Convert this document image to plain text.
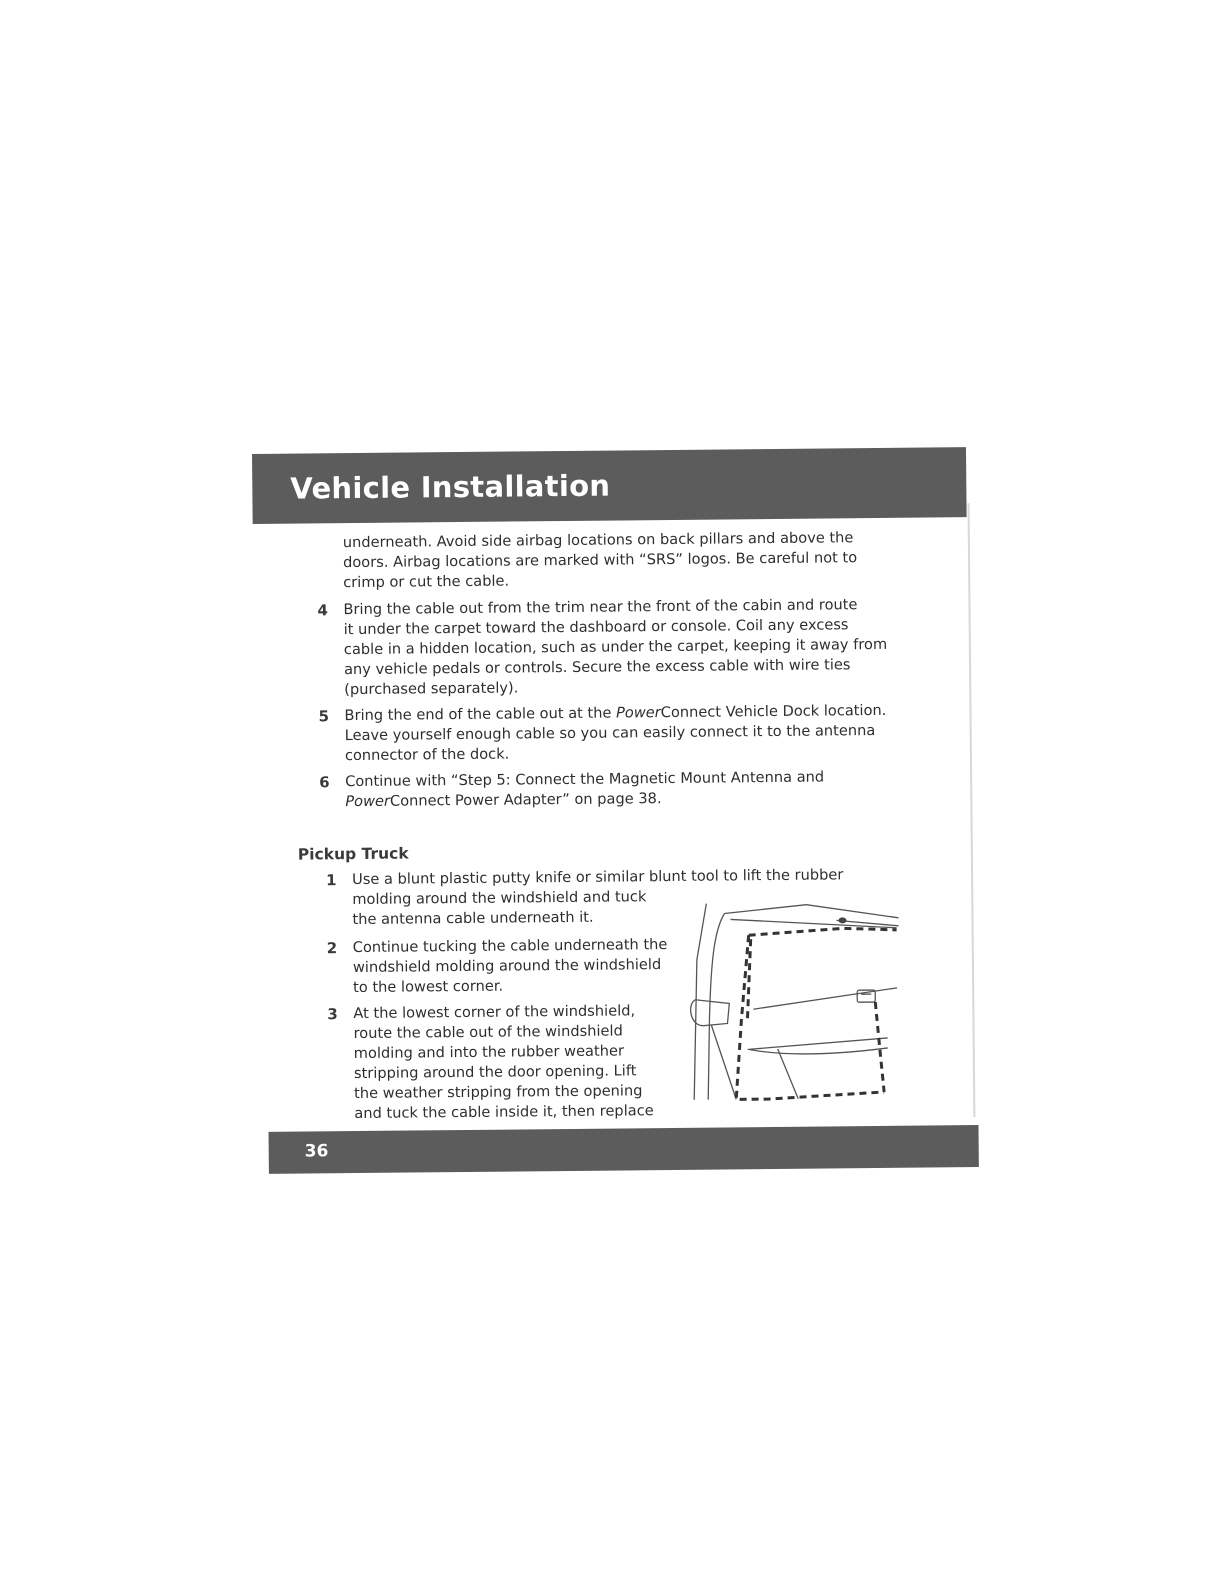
Vehicle Installation
underneath. Avoid side airbag locations on back pillars and above the
doors. Airbag locations are marked with “SRS” logos. Be careful not to
crimp or cut the cable.
4 Bring the cable out from the trim near the front of the cabin and route
it under the carpet toward the dashboard or console. Coil any excess
cable in a hidden location, such as under the carpet, keeping it away from
any vehicle pedals or controls. Secure the excess cable with wire ties
(purchased separately).
5 Bring the end of the cable out at the PowerConnect Vehicle Dock location.
Leave yourself enough cable so you can easily connect it to the antenna
connector of the dock.
6 Continue with “Step 5: Connect the Magnetic Mount Antenna and
PowerConnect Power Adapter” on page 38.
Pickup Truck
1 Use a blunt plastic putty knife or similar blunt tool to lift the rubber
molding around the windshield and tuck
the antenna cable underneath it.
2 Continue tucking the cable underneath the
windshield molding around the windshield
to the lowest corner.
3 At the lowest corner of the windshield,
route the cable out of the windshield
molding and into the rubber weather
stripping around the door opening. Lift
the weather stripping from the opening
and tuck the cable inside it, then replace
36
